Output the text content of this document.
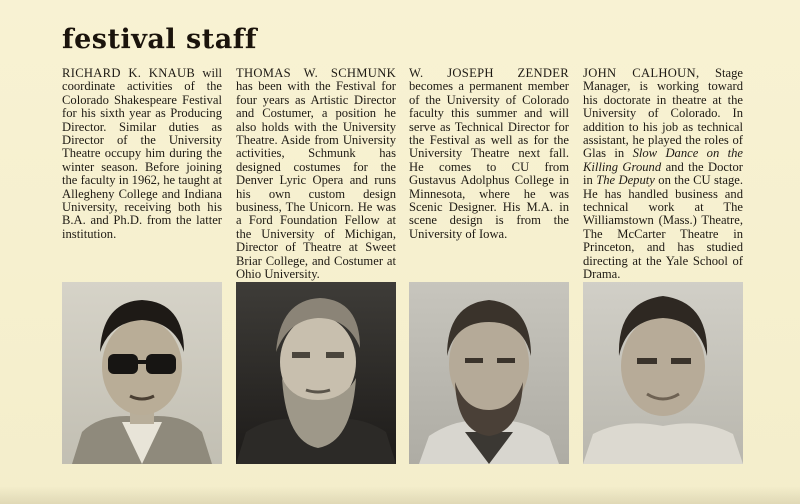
festival staff
RICHARD K. KNAUB will coordinate activities of the Colorado Shakespeare Festival for his sixth year as Producing Director. Similar duties as Director of the University Theatre occupy him during the winter season. Before joining the faculty in 1962, he taught at Allegheny College and Indiana University, receiving both his B.A. and Ph.D. from the latter institution.
THOMAS W. SCHMUNK has been with the Festival for four years as Artistic Director and Costumer, a position he also holds with the University Theatre. Aside from University activities, Schmunk has designed costumes for the Denver Lyric Opera and runs his own custom design business, The Unicorn. He was a Ford Foundation Fellow at the University of Michigan, Director of Theatre at Sweet Briar College, and Costumer at Ohio University.
W. JOSEPH ZENDER becomes a permanent member of the University of Colorado faculty this summer and will serve as Technical Director for the Festival as well as for the University Theatre next fall. He comes to CU from Gustavus Adolphus College in Minnesota, where he was Scenic Designer. His M.A. in scene design is from the University of Iowa.
JOHN CALHOUN, Stage Manager, is working toward his doctorate in theatre at the University of Colorado. In addition to his job as technical assistant, he played the roles of Glas in Slow Dance on the Killing Ground and the Doctor in The Deputy on the CU stage. He has handled business and technical work at The Williamstown (Mass.) Theatre, The McCarter Theatre in Princeton, and has studied directing at the Yale School of Drama.
